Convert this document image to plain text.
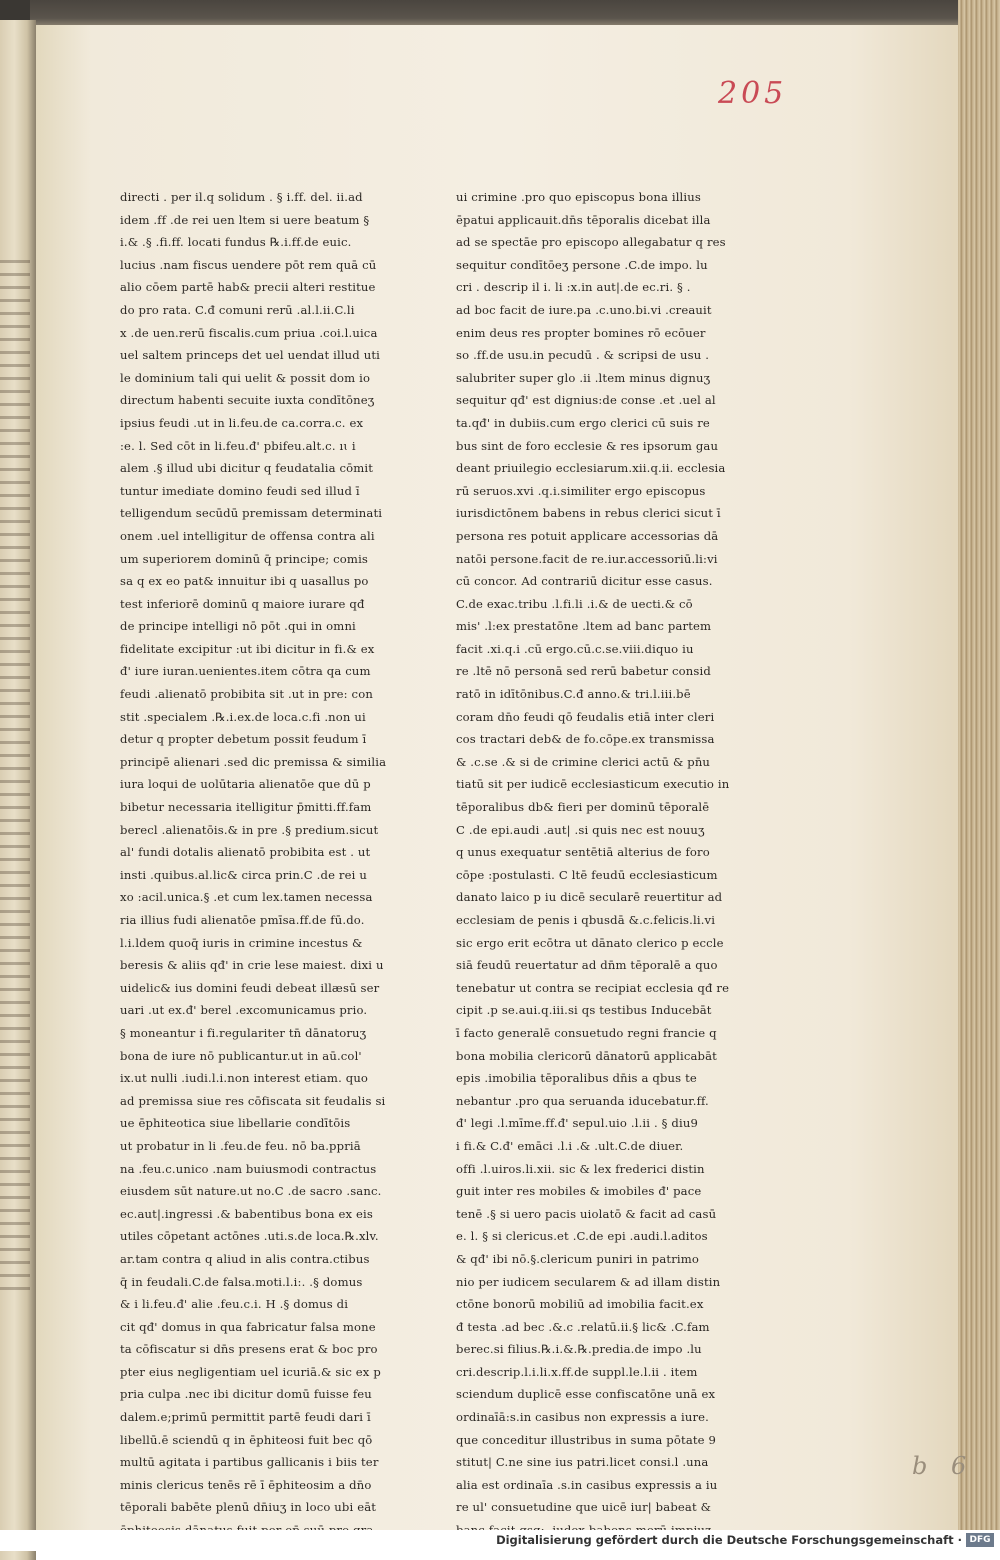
205
directi . per il.q solidum . § i.ff. del. ii.ad
idem .ff .de rei uen ltem si uere beatum §
i.& .§ .fi.ff. locati fundus ℞.i.ff.de euic.
lucius .nam fiscus uendere pōt rem quā cū
alio cōem partē hab& precii alteri restitue
do pro rata. C.đ comuni rerū .al.l.ii.C.li
x .de uen.rerū fiscalis.cum priua .coi.l.uica
uel saltem princeps det uel uendat illud uti
le dominium tali qui uelit & possit dom io
directum habenti secuite iuxta condītōneʒ
ipsius feudi .ut in li.feu.de ca.corra.c. ex
:e. l. Sed cōt in li.feu.đ' pbifeu.alt.c. ıɩ i
alem .§ illud ubi dicitur q feudatalia cōmit
tuntur imediate domino feudi sed illud ī
telligendum secūdū premissam determinati
onem .uel intelligitur de offensa contra ali
um superiorem dominū q̄ principe; comis
sa q ex eo pat& innuitur ibi q uasallus po
test inferiorē dominū q maiore iurare qđ
de principe intelligi nō pōt .qui in omni
fidelitate excipitur :ut ibi dicitur in fi.& ex
đ' iure iuran.uenientes.item cōtra qa cum
feudi .alienatō probibita sit .ut in pre: con
stit .specialem .℞.i.ex.de loca.c.fi .non ui
detur q propter debetum possit feudum ī
principē alienari .sed dic premissa & similia
iura loqui de uolūtaria alienatōe que dū p
bibetur necessaria itelligitur p̄mitti.ff.fam
berecl .alienatōis.& in pre .§ predium.sicut
al' fundi dotalis alienatō probibita est . ut
insti .quibus.al.lic& circa prin.C .de rei u
xo :acil.unica.§ .et cum lex.tamen necessa
ria illius fudi alienatōe pmīsa.ff.de fū.do.
l.i.ldem quoq̄ iuris in crimine incestus &
beresis & aliis qđ' in crie lese maiest. dixi u
uidelic& ius domini feudi debeat illæsū ser
uari .ut ex.đ' berel .excomunicamus prio.
§ moneantur i fi.regulariter tn̄ dānatoruʒ
bona de iure nō publicantur.ut in aū.col'
ix.ut nulli .iudi.l.i.non interest etiam. quo
ad premissa siue res cōfiscata sit feudalis si
ue ēphiteotica siue libellarie condītōis
ut probatur in li .feu.de feu. nō ba.ppriā
na .feu.c.unico .nam buiusmodi contractus
eiusdem sūt nature.ut no.C .de sacro .sanc.
ec.aut|.ingressi .& babentibus bona ex eis
utiles cōpetant actōnes .uti.s.de loca.℞.xlv.
ar.tam contra q aliud in alis contra.ctibus
q̄ in feudali.C.de falsa.moti.l.i:. .§ domus
& i li.feu.đ' alie .feu.c.i. H .§ domus di
cit qđ' domus in qua fabricatur falsa mone
ta cōfiscatur si dn̄s presens erat & boc pro
pter eius negligentiam uel icuriā.& sic ex p
pria culpa .nec ibi dicitur domū fuisse feu
dalem.e;primū permittit partē feudi dari ī
libellū.ē sciendū q in ēphiteosi fuit bec qō
multū agitata i partibus gallicanis i biis ter
minis clericus tenēs rē ī ēphiteosim a dn̄o
tēporali babēte plenū dn̄iuʒ in loco ubi eāt
ui crimine .pro quo episcopus bona illius
ēpatui applicauit.dn̄s tēporalis dicebat illa
ad se spectāe pro episcopo allegabatur q res
sequitur condītōeʒ persone .C.de impo. lu
cri . descrip il i. li :x.in aut|.de ec.ri. § .
ad boc facit de iure.pa .c.uno.bi.vi .creauit
enim deus res propter bomines rō ecōuer
so .ff.de usu.in pecudū . & scripsi de usu .
salubriter super glo .ii .ltem minus dignuʒ
sequitur qđ' est dignius:de conse .et .uel al
ta.qđ' in dubiis.cum ergo clerici cū suis re
bus sint de foro ecclesie & res ipsorum gau
deant priuilegio ecclesiarum.xii.q.ii. ecclesia
rū seruos.xvi .q.i.similiter ergo episcopus
iurisdictōnem babens in rebus clerici sicut ī
persona res potuit applicare accessorias dā
natōi persone.facit de re.iur.accessoriū.li:vi
cū concor. Ad contrariū dicitur esse casus.
C.de exac.tribu .l.fi.li .i.& de uecti.& cō
mis' .l:ex prestatōne .ltem ad banc partem
facit .xi.q.i .cū ergo.cū.c.se.viii.diquo iu
re .ltē nō personā sed rerū babetur consid
ratō in idītōnibus.C.đ anno.& tri.l.iii.bē
coram dn̄o feudi qō feudalis etiā inter cleri
cos tractari deb& de fo.cōpe.ex transmissa
& .c.se .& si de crimine clerici actū & pn̄u
tiatū sit per iudicē ecclesiasticum executio in
tēporalibus db& fieri per dominū tēporalē
C .de epi.audi .aut| .si quis nec est nouuʒ
q unus exequatur sentētiā alterius de foro
cōpe :postulasti. C ltē feudū ecclesiasticum
danato laico p iu dicē secularē reuertitur ad
ecclesiam de penis i qbusdā &.c.felicis.li.vi
sic ergo erit ecōtra ut dānato clerico p eccle
siā feudū reuertatur ad dn̄m tēporalē a quo
tenebatur ut contra se recipiat ecclesia qđ re
cipit .p se.aui.q.iii.si qs testibus Inducebāt
ī facto generalē consuetudo regni francie q
bona mobilia clericorū dānatorū applicabāt
epis .imobilia tēporalibus dn̄is a qbus te
nebantur .pro qua seruanda iducebatur.ff.
đ' legi .l.mīme.ff.đ' sepul.uio .l.ii . § diu9
i fi.& C.đ' emāci .l.i .& .ult.C.de diuer.
offi .l.uiros.li.xii. sic & lex frederici distin
guit inter res mobiles & imobiles đ' pace
tenē .§ si uero pacis uiolatō & facit ad casū
e. l. § si clericus.et .C.de epi .audi.l.aditos
& qđ' ibi nō.§.clericum puniri in patrimo
nio per iudicem secularem & ad illam distin
ctōne bonorū mobiliū ad imobilia facit.ex
đ testa .ad bec .&.c .relatū.ii.§ lic& .C.fam
berec.si filius.℞.i.&.℞.predia.de impo .lu
cri.descrip.l.i.li.x.ff.de suppl.le.l.ii . item
sciendum duplicē esse confiscatōne unā ex
ordinaīā:s.in casibus non expressis a iure.
que conceditur illustribus in suma pōtate 9
stitut| C.ne sine ius patri.licet consi.l .una
alia est ordinaīa .s.in casibus expressis a iu
re ul' consuetudine que uicē iur| babeat &
b 6
Digitalisierung gefördert durch die Deutsche Forschungsgemeinschaft · DFG
